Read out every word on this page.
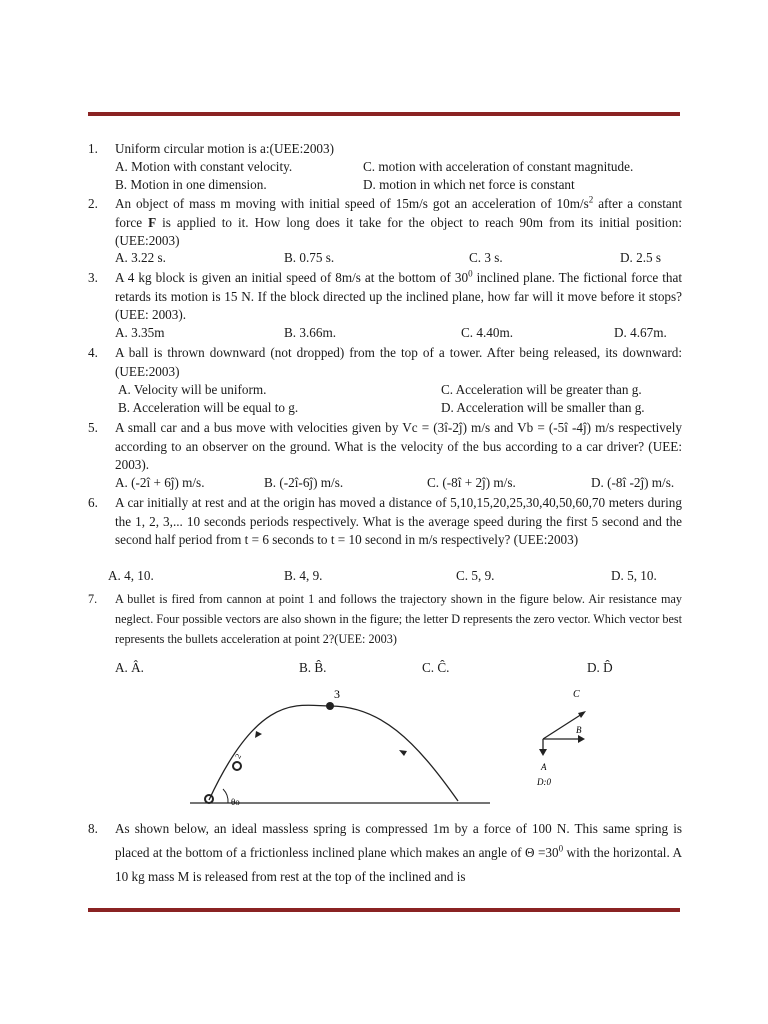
1. Uniform circular motion is a:(UEE:2003)
A. Motion with constant velocity.	C. motion with acceleration of constant magnitude.
B. Motion in one dimension.	D. motion in which net force is constant
2. An object of mass m moving with initial speed of 15m/s got an acceleration of $10m/s^2$ after a constant force F is applied to it. How long does it take for the object to reach 90m from its initial position:(UEE:2003)
A. 3.22 s.	B. 0.75 s.	C. 3 s.	D. 2.5 s
3. A 4 kg block is given an initial speed of 8m/s at the bottom of $30^0$ inclined plane. The fictional force that retards its motion is 15 N. If the block directed up the inclined plane, how far will it move before it stops? (UEE: 2003).
A. 3.35m	B. 3.66m.	C. 4.40m.	D. 4.67m.
4. A ball is thrown downward (not dropped) from the top of a tower. After being released, its downward: (UEE:2003)
A. Velocity will be uniform.	C. Acceleration will be greater than g.
B. Acceleration will be equal to g.	D. Acceleration will be smaller than g.
5. A small car and a bus move with velocities given by Vc = (3î-2ĵ) m/s and Vb = (-5î -4ĵ) m/s respectively according to an observer on the ground. What is the velocity of the bus according to a car driver? (UEE: 2003).
A. (-2î + 6ĵ) m/s.	B. (-2î-6ĵ) m/s.	C. (-8î + 2ĵ) m/s.	D. (-8î -2ĵ) m/s.
6. A car initially at rest and at the origin has moved a distance of 5,10,15,20,25,30,40,50,60,70 meters during the 1, 2, 3,... 10 seconds periods respectively. What is the average speed during the first 5 second and the second half period from t = 6 seconds to t = 10 second in m/s respectively? (UEE:2003)
A. 4, 10.	B. 4, 9.	C. 5, 9.	D. 5, 10.
7. A bullet is fired from cannon at point 1 and follows the trajectory shown in the figure below. Air resistance may neglect. Four possible vectors are also shown in the figure; the letter D represents the zero vector. Which vector best represents the bullets acceleration at point 2?(UEE: 2003)
A. Â.	B. B̂.	C. Ĉ.	D. D̂
θo
3
2
C
B
A
D:0
8. As shown below, an ideal massless spring is compressed 1m by a force of 100 N. This same spring is placed at the bottom of a frictionless inclined plane which makes an angle of $\Theta =30^0$ with the horizontal. A 10 kg mass M is released from rest at the top of the inclined and is
